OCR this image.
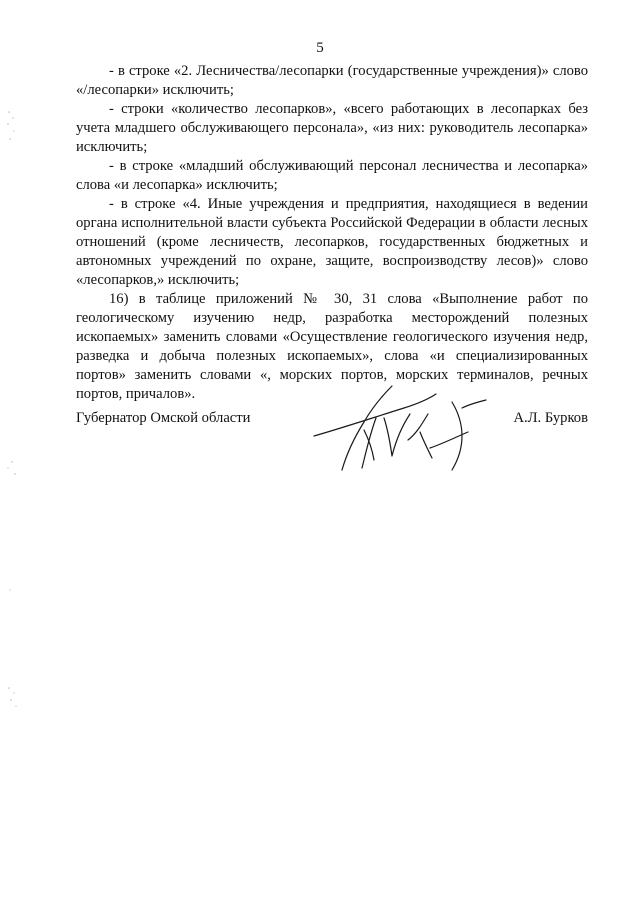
5

- в строке «2. Лесничества/лесопарки (государственные учреждения)» слово «/лесопарки» исключить;

- строки «количество лесопарков», «всего работающих в лесопарках без учета младшего обслуживающего персонала», «из них: руководитель лесопарка» исключить;

- в строке «младший обслуживающий персонал лесничества и лесопарка» слова «и лесопарка» исключить;

- в строке «4. Иные учреждения и предприятия, находящиеся в ведении органа исполнительной власти субъекта Российской Федерации в области лесных отношений (кроме лесничеств, лесопарков, государственных бюджетных и автономных учреждений по охране, защите, воспроизводству лесов)» слово «лесопарков,» исключить;

16) в таблице приложений № 30, 31 слова «Выполнение работ по геологическому изучению недр, разработка месторождений полезных ископаемых» заменить словами «Осуществление геологического изучения недр, разведка и добыча полезных ископаемых», слова «и специализированных портов» заменить словами «, морских портов, морских терминалов, речных портов, причалов».

Губернатор Омской области	А.Л. Бурков
